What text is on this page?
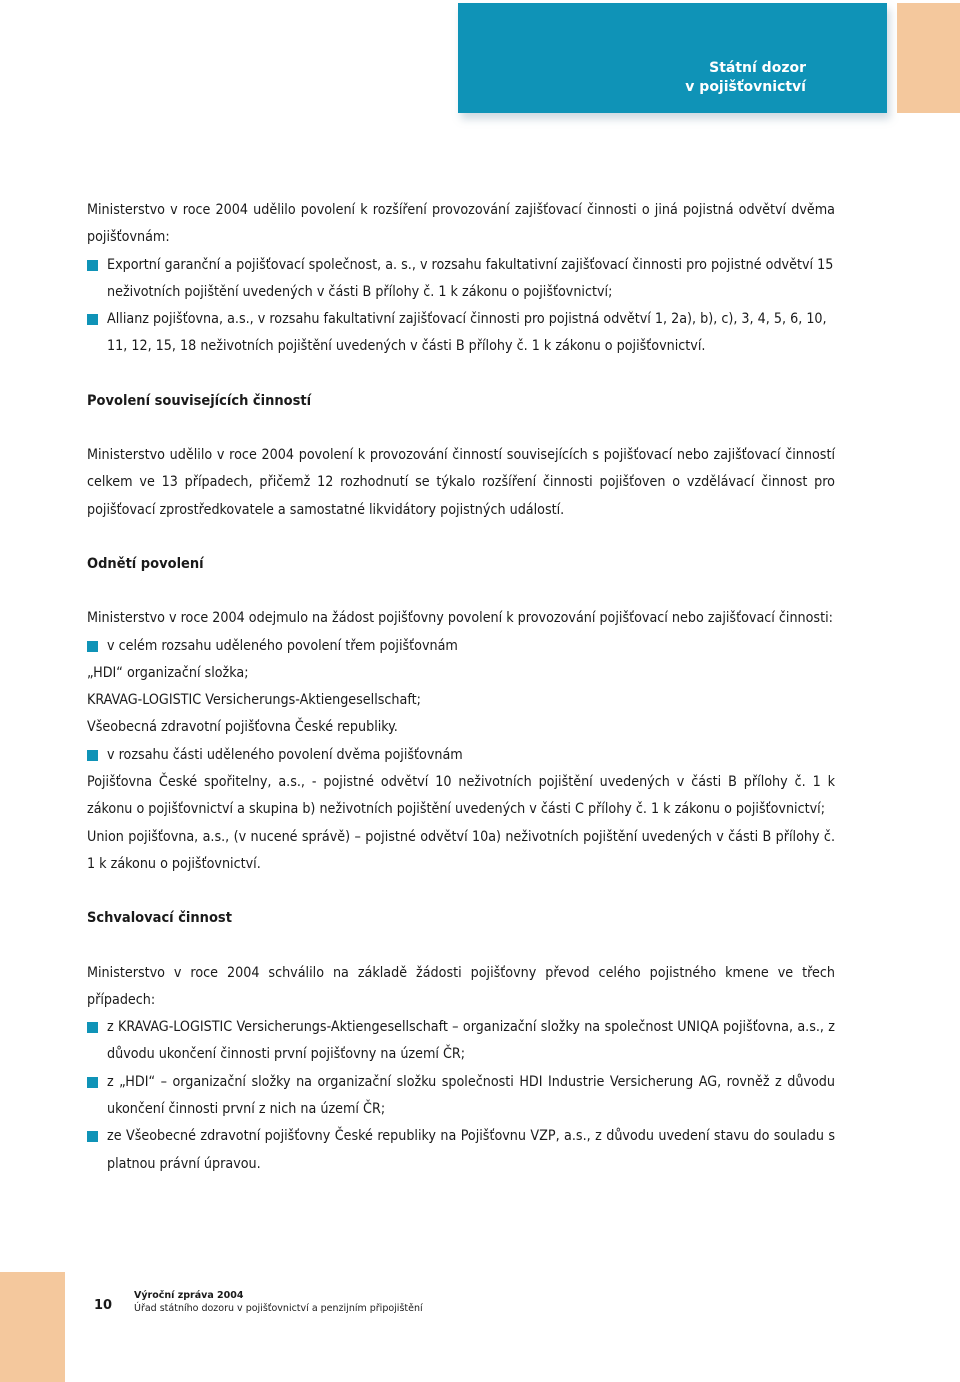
Státní dozor
v pojišťovnictví

Ministerstvo v roce 2004 udělilo povolení k rozšíření provozování zajišťovací činnosti o jiná pojistná odvětví dvěma pojišťovnám:

Exportní garanční a pojišťovací společnost, a. s., v rozsahu fakultativní zajišťovací činnosti pro pojistné odvětví 15 neživotních pojištění uvedených v části B přílohy č. 1 k zákonu o pojišťovnictví;
Allianz pojišťovna, a.s., v rozsahu fakultativní zajišťovací činnosti pro pojistná odvětví 1, 2a), b), c), 3, 4, 5, 6, 10, 11, 12, 15, 18 neživotních pojištění uvedených v části B přílohy č. 1 k zákonu o pojišťovnictví.
Povolení souvisejících činností

Ministerstvo udělilo v roce 2004 povolení k provozování činností souvisejících s pojišťovací nebo zajišťovací činností celkem ve 13 případech, přičemž 12 rozhodnutí se týkalo rozšíření činnosti pojišťoven o vzdělávací činnost pro pojišťovací zprostředkovatele a samostatné likvidátory pojistných událostí.

Odnětí povolení

Ministerstvo v roce 2004 odejmulo na žádost pojišťovny povolení k provozování pojišťovací nebo zajišťovací činnosti:

v celém rozsahu uděleného povolení třem pojišťovnám

„HDI“ organizační složka;

KRAVAG-LOGISTIC Versicherungs-Aktiengesellschaft;

Všeobecná zdravotní pojišťovna České republiky.

v rozsahu části uděleného povolení dvěma pojišťovnám

Pojišťovna České spořitelny, a.s., - pojistné odvětví 10 neživotních pojištění uvedených v části B přílohy č. 1 k zákonu o pojišťovnictví a skupina b) neživotních pojištění uvedených v části C přílohy č. 1 k zákonu o pojišťovnictví;

Union pojišťovna, a.s., (v nucené správě) – pojistné odvětví 10a) neživotních pojištění uvedených v části B přílohy č. 1 k zákonu o pojišťovnictví.

Schvalovací činnost

Ministerstvo v roce 2004 schválilo na základě žádosti pojišťovny převod celého pojistného kmene ve třech případech:

z KRAVAG-LOGISTIC Versicherungs-Aktiengesellschaft – organizační složky na společnost UNIQA pojišťovna, a.s., z důvodu ukončení činnosti první pojišťovny na území ČR;
z „HDI“ – organizační složky na organizační složku společnosti HDI Industrie Versicherung AG, rovněž z důvodu ukončení činnosti první z nich na území ČR;
ze Všeobecné zdravotní pojišťovny České republiky na Pojišťovnu VZP, a.s., z důvodu uvedení stavu do souladu s platnou právní úpravou.
10
Výroční zpráva 2004
Úřad státního dozoru v pojišťovnictví a penzijním připojištění
